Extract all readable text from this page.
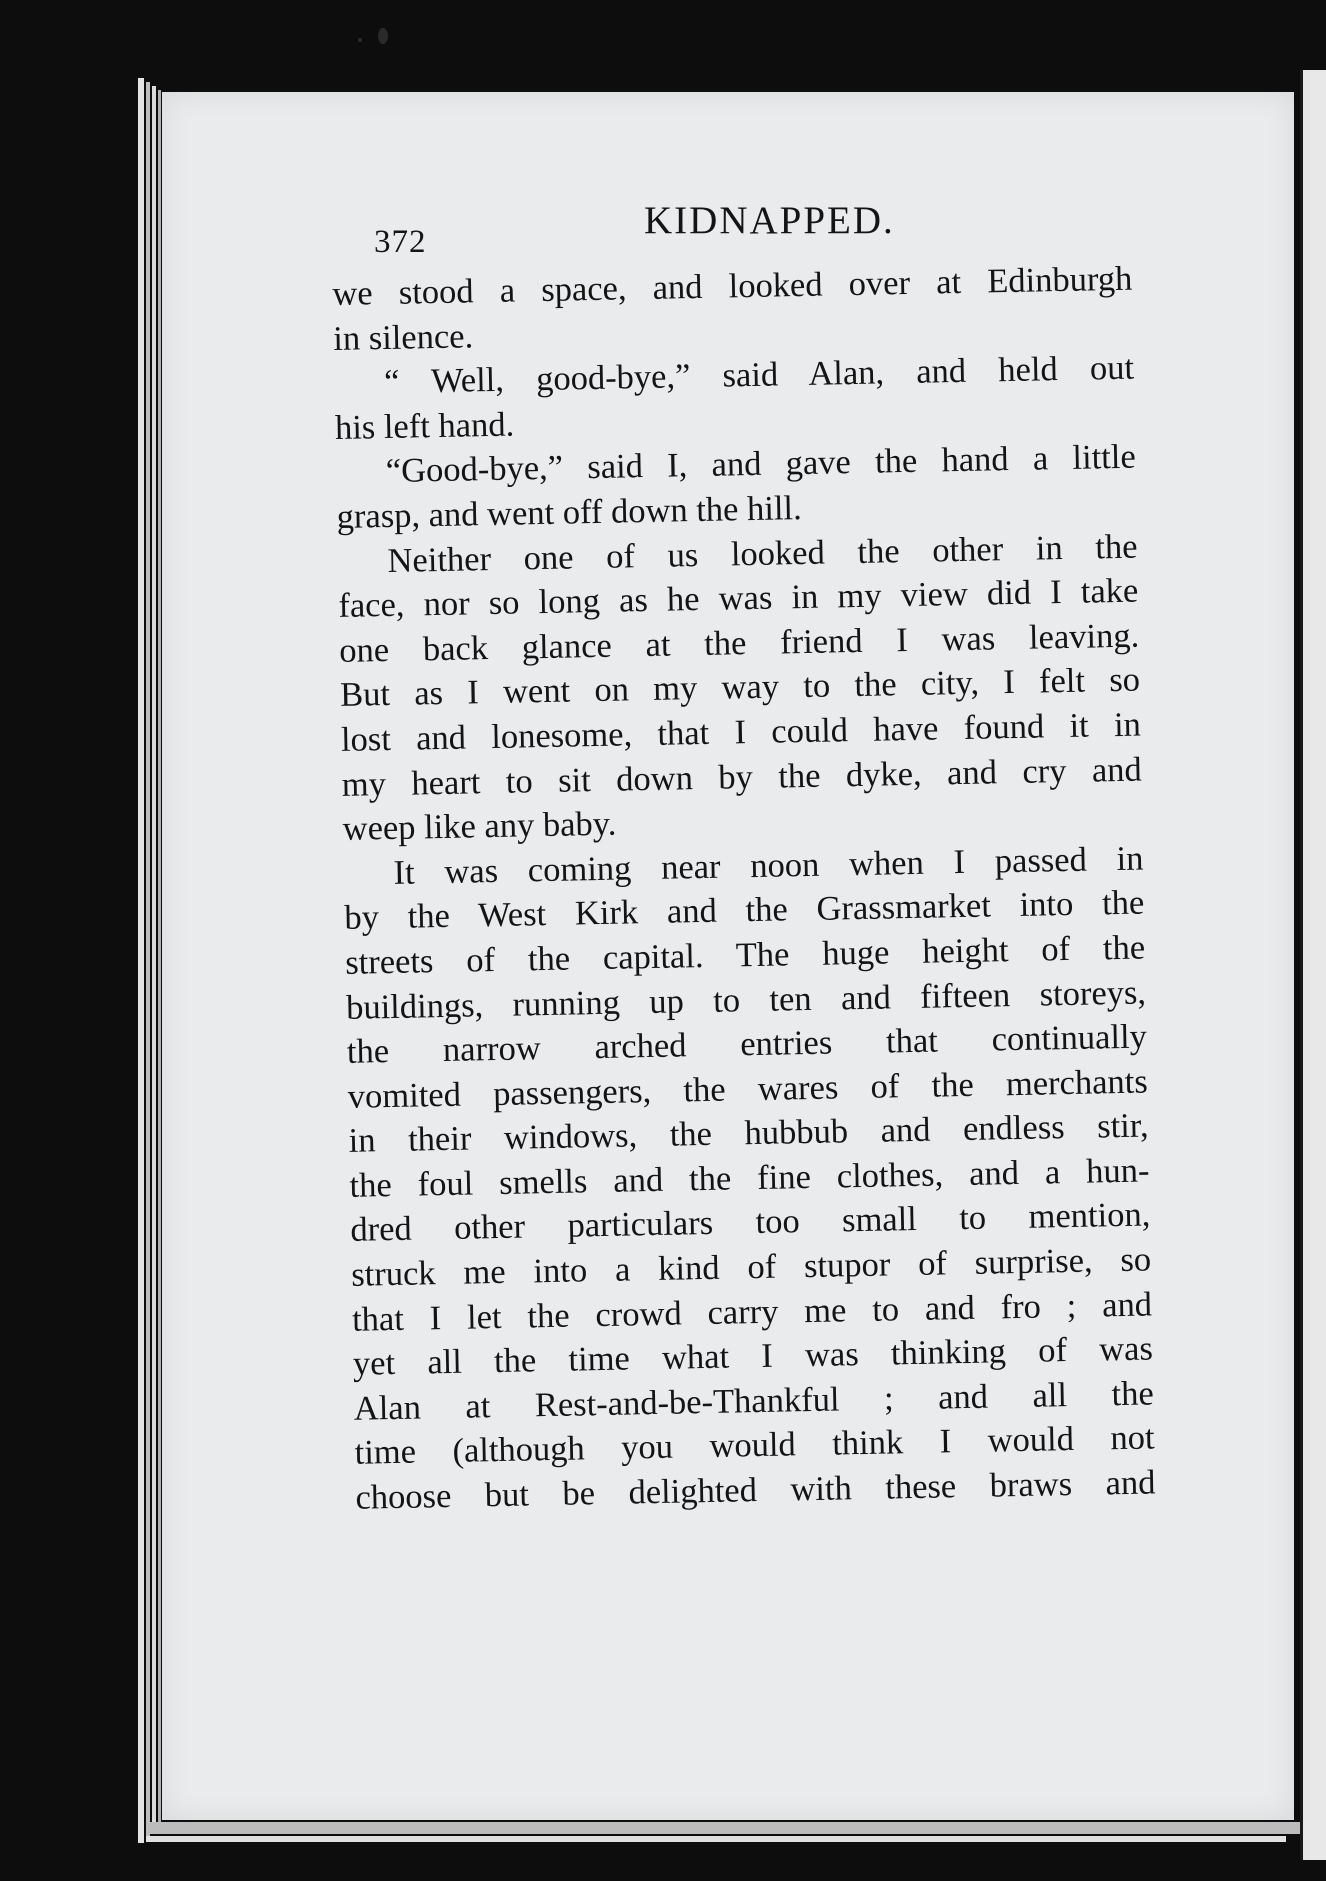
372	KIDNAPPED.
we stood a space, and looked over at Edinburgh
in silence.
“ Well, good-bye,” said Alan, and held out
his left hand.
“Good-bye,” said I, and gave the hand a little
grasp, and went off down the hill.
Neither one of us looked the other in the
face, nor so long as he was in my view did I take
one back glance at the friend I was leaving.
But as I went on my way to the city, I felt so
lost and lonesome, that I could have found it in
my heart to sit down by the dyke, and cry and
weep like any baby.
It was coming near noon when I passed in
by the West Kirk and the Grassmarket into the
streets of the capital. The huge height of the
buildings, running up to ten and fifteen storeys,
the narrow arched entries that continually
vomited passengers, the wares of the merchants
in their windows, the hubbub and endless stir,
the foul smells and the fine clothes, and a hun-
dred other particulars too small to mention,
struck me into a kind of stupor of surprise, so
that I let the crowd carry me to and fro ; and
yet all the time what I was thinking of was
Alan at Rest-and-be-Thankful ; and all the
time (although you would think I would not
choose but be delighted with these braws and
